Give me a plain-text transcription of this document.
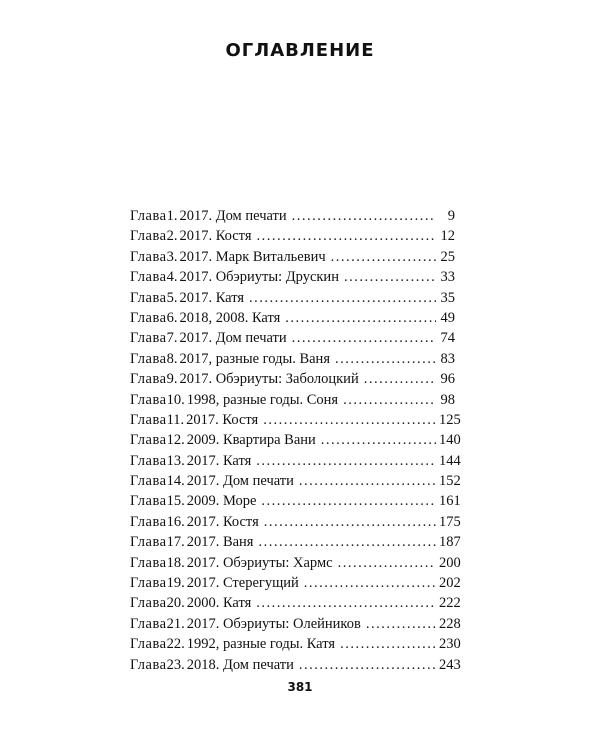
ОГЛАВЛЕНИЕ
Глава 1. 2017. Дом печати .....	9
Глава 2. 2017. Костя .....	12
Глава 3. 2017. Марк Витальевич .....	25
Глава 4. 2017. Обэриуты: Друскин .....	33
Глава 5. 2017. Катя .....	35
Глава 6. 2018, 2008. Катя .....	49
Глава 7. 2017. Дом печати .....	74
Глава 8. 2017, разные годы. Ваня .....	83
Глава 9. 2017. Обэриуты: Заболоцкий .....	96
Глава 10. 1998, разные годы. Соня .....	98
Глава 11. 2017. Костя .....	125
Глава 12. 2009. Квартира Вани .....	140
Глава 13. 2017. Катя .....	144
Глава 14. 2017. Дом печати .....	152
Глава 15. 2009. Море .....	161
Глава 16. 2017. Костя .....	175
Глава 17. 2017. Ваня .....	187
Глава 18. 2017. Обэриуты: Хармс .....	200
Глава 19. 2017. Стерегущий .....	202
Глава 20. 2000. Катя .....	222
Глава 21. 2017. Обэриуты: Олейников .....	228
Глава 22. 1992, разные годы. Катя .....	230
Глава 23. 2018. Дом печати .....	243
381
